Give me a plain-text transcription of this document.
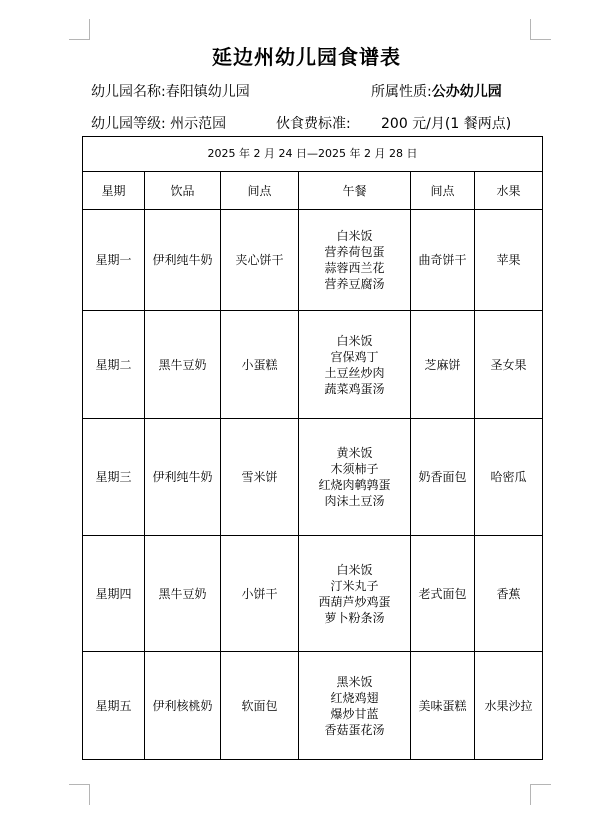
延边州幼儿园食谱表
幼儿园名称:春阳镇幼儿园	所属性质:公办幼儿园
幼儿园等级: 州示范园	伙食费标准: 200 元/月(1 餐两点)
2025 年 2 月 24 日—2025 年 2 月 28 日					
星期	饮品	间点	午餐	间点	水果
星期一	伊利纯牛奶	夹心饼干	白米饭
营养荷包蛋
蒜蓉西兰花
营养豆腐汤	曲奇饼干	苹果
星期二	黑牛豆奶	小蛋糕	白米饭
宫保鸡丁
土豆丝炒肉
蔬菜鸡蛋汤	芝麻饼	圣女果
星期三	伊利纯牛奶	雪米饼	黄米饭
木须柿子
红烧肉鹌鹑蛋
肉沫土豆汤	奶香面包	哈密瓜
星期四	黑牛豆奶	小饼干	白米饭
汀米丸子
西葫芦炒鸡蛋
萝卜粉条汤	老式面包	香蕉
星期五	伊利核桃奶	软面包	黑米饭
红烧鸡翅
爆炒甘蓝
香菇蛋花汤	美味蛋糕	水果沙拉
